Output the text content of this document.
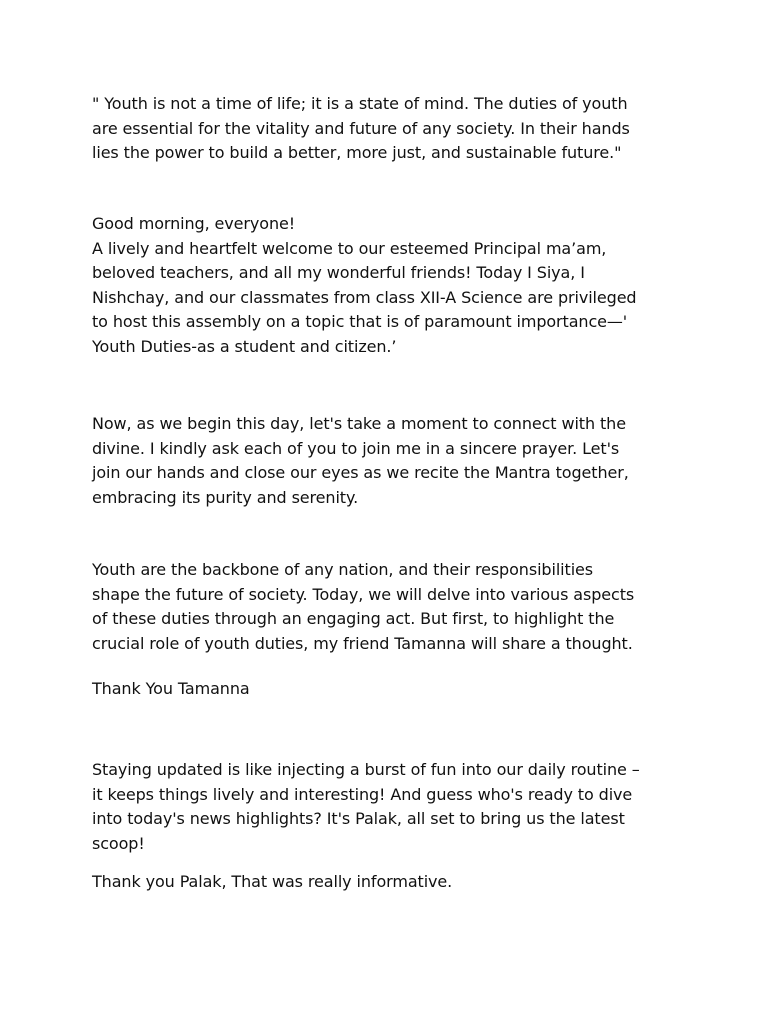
" Youth is not a time of life; it is a state of mind. The duties of youth
are essential for the vitality and future of any society. In their hands
lies the power to build a better, more just, and sustainable future."

Good morning, everyone!
A lively and heartfelt welcome to our esteemed Principal ma’am,
beloved teachers, and all my wonderful friends! Today I Siya, I
Nishchay, and our classmates from class XII-A Science are privileged
to host this assembly on a topic that is of paramount importance—'
Youth Duties-as a student and citizen.’

Now, as we begin this day, let's take a moment to connect with the
divine. I kindly ask each of you to join me in a sincere prayer. Let's
join our hands and close our eyes as we recite the Mantra together,
embracing its purity and serenity.

Youth are the backbone of any nation, and their responsibilities
shape the future of society. Today, we will delve into various aspects
of these duties through an engaging act. But first, to highlight the
crucial role of youth duties, my friend Tamanna will share a thought.

Thank You Tamanna

Staying updated is like injecting a burst of fun into our daily routine –
it keeps things lively and interesting! And guess who's ready to dive
into today's news highlights? It's Palak, all set to bring us the latest
scoop!

Thank you Palak, That was really informative.
